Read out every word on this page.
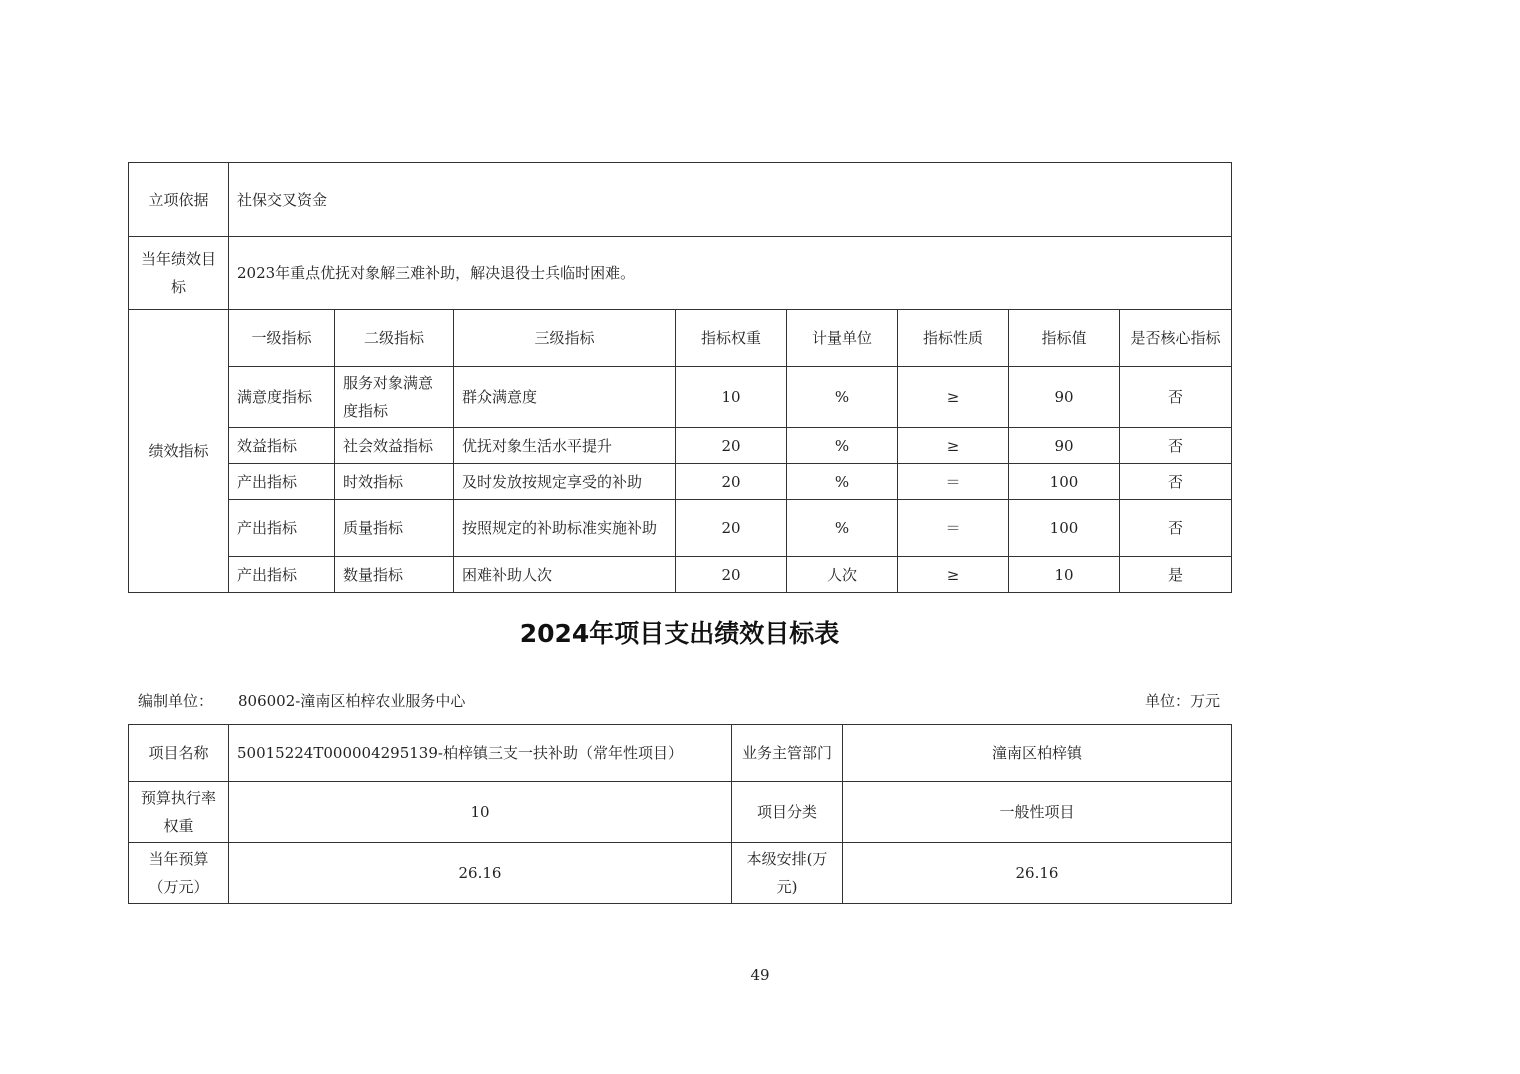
立项依据	社保交叉资金							
当年绩效目标	2023年重点优抚对象解三难补助，解决退役士兵临时困难。							
绩效指标	一级指标	二级指标	三级指标	指标权重	计量单位	指标性质	指标值	是否核心指标
	满意度指标	服务对象满意度指标	群众满意度	10	%	≥	90	否
	效益指标	社会效益指标	优抚对象生活水平提升	20	%	≥	90	否
	产出指标	时效指标	及时发放按规定享受的补助	20	%	＝	100	否
	产出指标	质量指标	按照规定的补助标准实施补助	20	%	＝	100	否
	产出指标	数量指标	困难补助人次	20	人次	≥	10	是
2024年项目支出绩效目标表
编制单位： 806002-潼南区柏梓农业服务中心	单位：万元
项目名称	50015224T000004295139-柏梓镇三支一扶补助（常年性项目）	业务主管部门	潼南区柏梓镇
预算执行率权重	10	项目分类	一般性项目
当年预算（万元）	26.16	本级安排(万元)	26.16
49
